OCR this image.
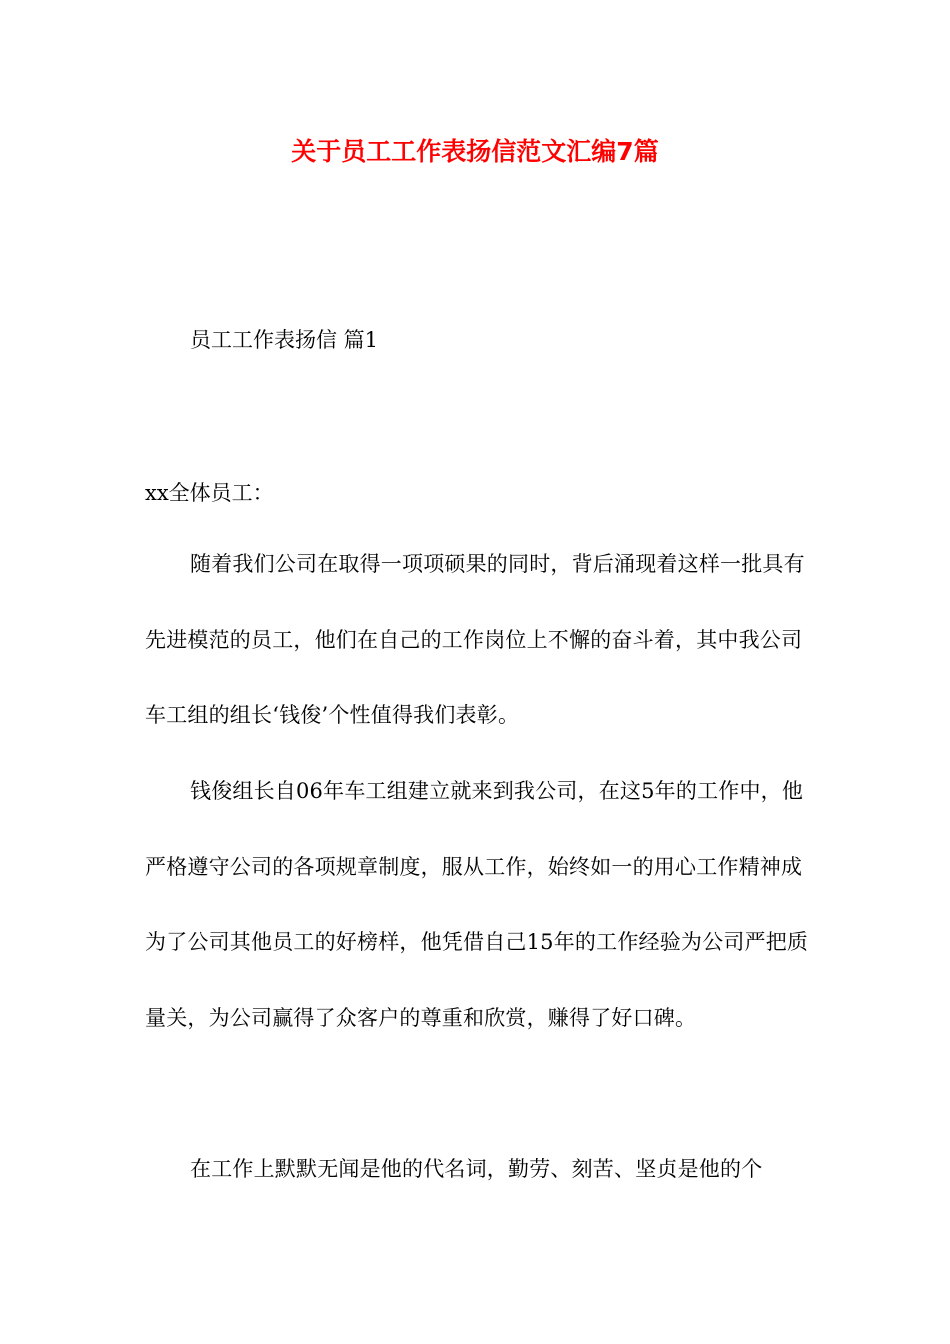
关于员工工作表扬信范文汇编7篇
员工工作表扬信 篇1
xx全体员工：

随着我们公司在取得一项项硕果的同时，背后涌现着这样一批具有先进模范的员工，他们在自己的工作岗位上不懈的奋斗着，其中我公司车工组的组长‘钱俊’个性值得我们表彰。

钱俊组长自06年车工组建立就来到我公司，在这5年的工作中，他严格遵守公司的各项规章制度，服从工作，始终如一的用心工作精神成为了公司其他员工的好榜样，他凭借自己15年的工作经验为公司严把质量关，为公司赢得了众客户的尊重和欣赏，赚得了好口碑。

在工作上默默无闻是他的代名词，勤劳、刻苦、坚贞是他的个
